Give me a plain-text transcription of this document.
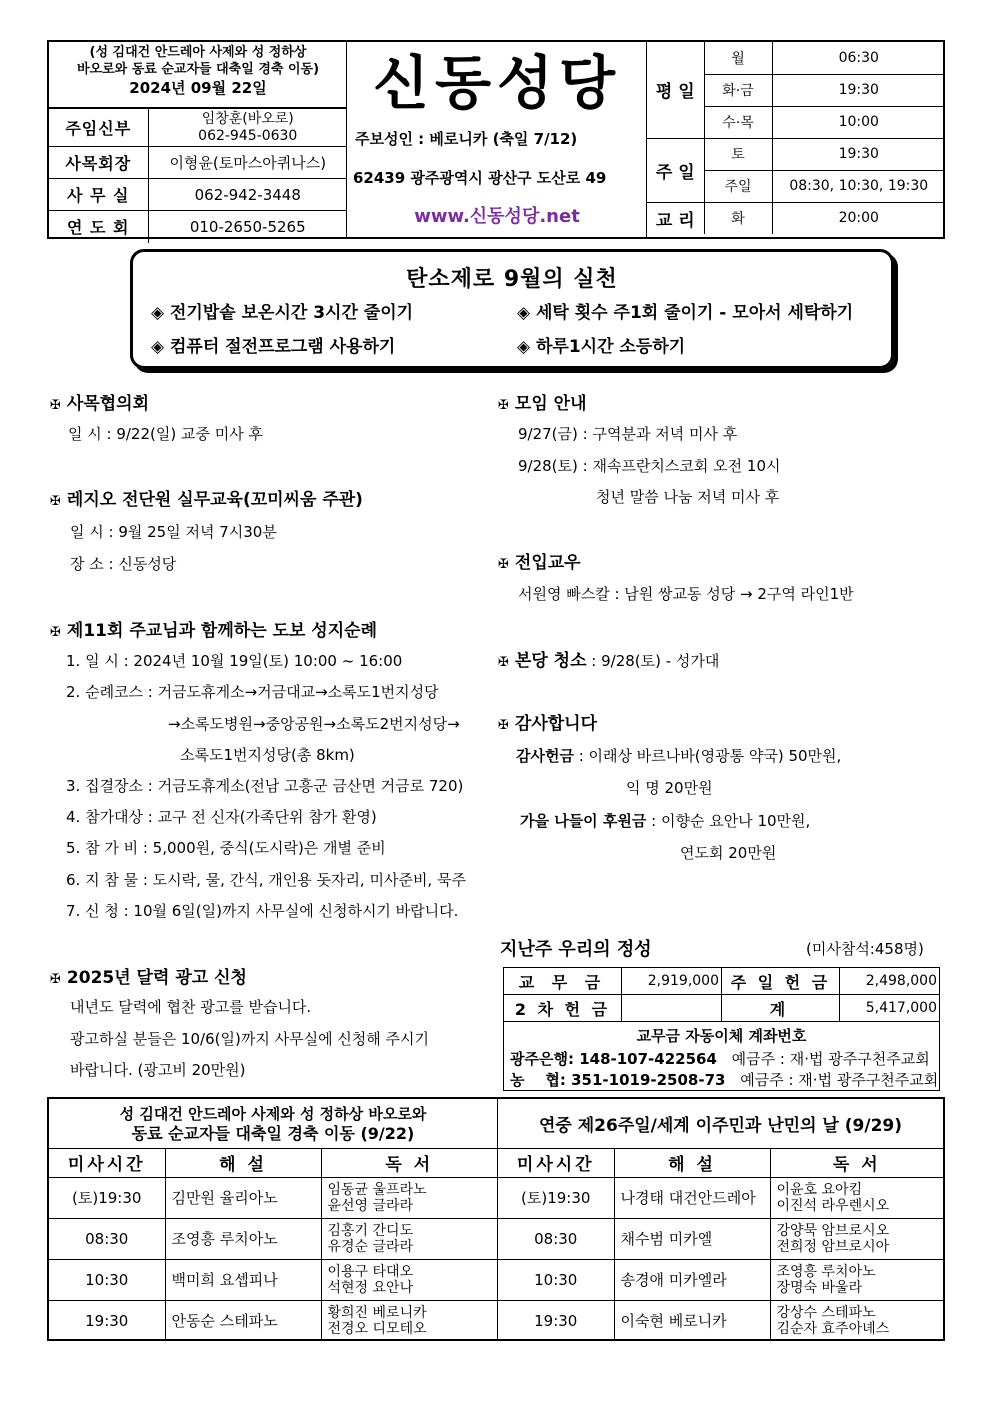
(성 김대건 안드레아 사제와 성 정하상
바오로와 동료 순교자들 대축일 경축 이동)
2024년 09월 22일
주임신부	임창훈(바오로)
062-945-0630

사목회장	이형윤(토마스아퀴나스)
사 무 실	062-942-3448
연 도 회	010-2650-5265
신동성당
주보성인 : 베로니카 (축일 7/12)
62439 광주광역시 광산구 도산로 49
www.신동성당.net
평 일	월	06:30
	화·금	19:30
	수·목	10:00
주 일	토	19:30
	주일	08:30, 10:30, 19:30
교 리	화	20:00
탄소제로 9월의 실천
◈ 전기밥솥 보온시간 3시간 줄이기	◈ 세탁 횟수 주1회 줄이기 - 모아서 세탁하기
◈ 컴퓨터 절전프로그램 사용하기	◈ 하루1시간 소등하기
✠ 사목협의회
일 시 : 9/22(일) 교중 미사 후
✠ 레지오 전단원 실무교육(꼬미씨움 주관)
일 시 : 9월 25일 저녁 7시30분
장 소 : 신동성당
✠ 제11회 주교님과 함께하는 도보 성지순례
1. 일 시 : 2024년 10월 19일(토) 10:00 ~ 16:00
2. 순례코스 : 거금도휴게소→거금대교→소록도1번지성당
→소록도병원→중앙공원→소록도2번지성당→
소록도1번지성당(총 8km)
3. 집결장소 : 거금도휴게소(전남 고흥군 금산면 거금로 720)
4. 참가대상 : 교구 전 신자(가족단위 참가 환영)
5. 참 가 비 : 5,000원, 중식(도시락)은 개별 준비
6. 지 참 물 : 도시락, 물, 간식, 개인용 돗자리, 미사준비, 묵주
7. 신 청 : 10월 6일(일)까지 사무실에 신청하시기 바랍니다.
✠ 2025년 달력 광고 신청
내년도 달력에 협찬 광고를 받습니다.
광고하실 분들은 10/6(일)까지 사무실에 신청해 주시기
바랍니다. (광고비 20만원)
✠ 모임 안내
9/27(금) : 구역분과 저녁 미사 후
9/28(토) : 재속프란치스코회 오전 10시
청년 말씀 나눔 저녁 미사 후
✠ 전입교우
서원영 빠스칼 : 남원 쌍교동 성당 → 2구역 라인1반
✠ 본당 청소 : 9/28(토) - 성가대
✠ 감사합니다
감사헌금 : 이래상 바르나바(영광통 약국) 50만원,
익 명 20만원
가을 나들이 후원금 : 이향순 요안나 10만원,
연도회 20만원
지난주 우리의 정성	(미사참석:458명)
교 무 금	2,919,000	주 일 헌 금	2,498,000
2 차 헌 금		계	5,417,000
교무금 자동이체 계좌번호
광주은행: 148-107-422564 예금주 : 재·법 광주구천주교회
농    협: 351-1019-2508-73 예금주 : 재·법 광주구천주교회
성 김대건 안드레아 사제와 성 정하상 바오로와
동료 순교자들 대축일 경축 이동 (9/22)	연중 제26주일/세계 이주민과 난민의 날 (9/29)
미사시간	해 설	독 서
(토)19:30	김만원 율리아노	임동균 울프라노
윤선영 글라라

08:30	조영흥 루치아노	김홍기 간디도
유경순 글라라

10:30	백미희 요셉피나	이용구 타대오
석현정 요안나

19:30	안동순 스테파노	황희진 베로니카
전경오 디모테오
미사시간	해 설	독 서
(토)19:30	나경태 대건안드레아	이윤호 요아킴
이진석 라우렌시오

08:30	채수범 미카엘	강양묵 암브로시오
전희정 암브로시아

10:30	송경애 미카엘라	조영흥 루치아노
장명숙 바울라

19:30	이숙현 베로니카	강상수 스테파노
김순자 효주아녜스
